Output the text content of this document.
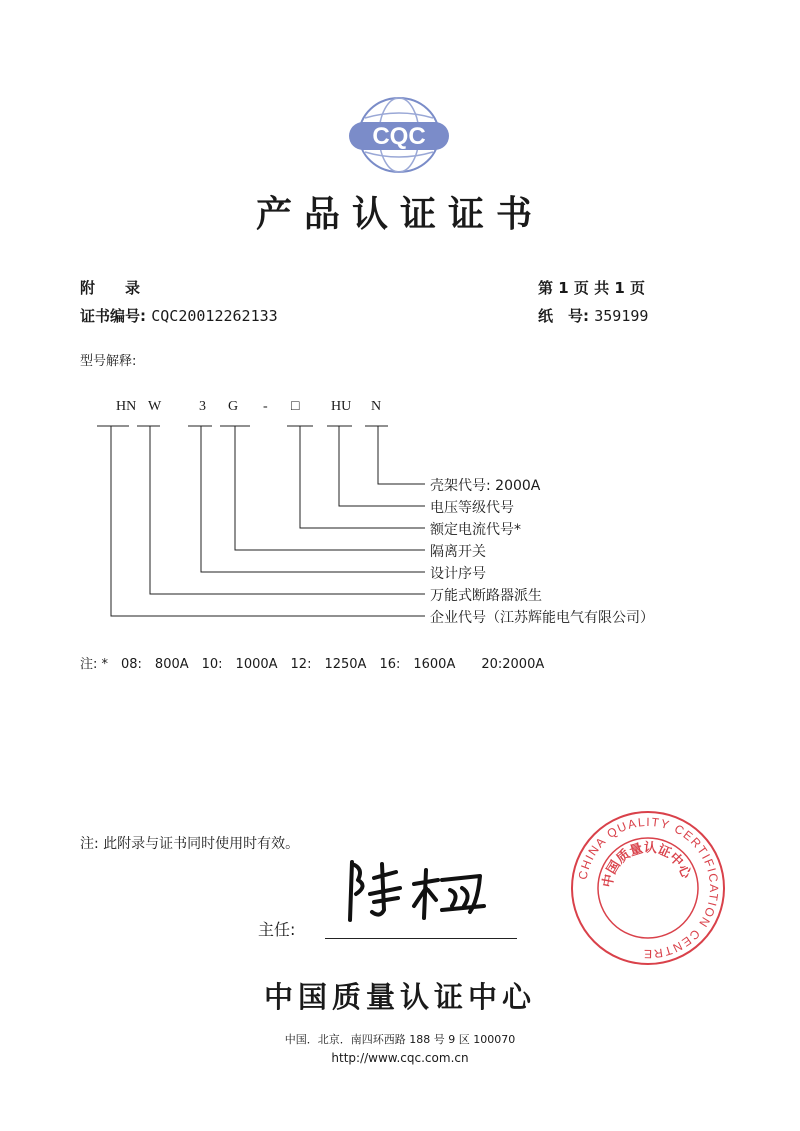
CQC
产品认证证书
附　　录	第 1 页 共 1 页
证书编号: CQC20012262133	纸　号: 359199
型号解释:
HN W	3 G - □ HU N
壳架代号: 2000A
电压等级代号
额定电流代号*
隔离开关
设计序号
万能式断路器派生
企业代号（江苏辉能电气有限公司）
注: *　08:　800A　10:　1000A　12:　1250A　16:　1600A　　20:2000A
注: 此附录与证书同时使用时有效。
主任:
CHINA QUALITY CERTIFICATION CENTRE
中国质量认证中心
中国质量认证中心
中国．北京．南四环西路 188 号 9 区 100070
http://www.cqc.com.cn
